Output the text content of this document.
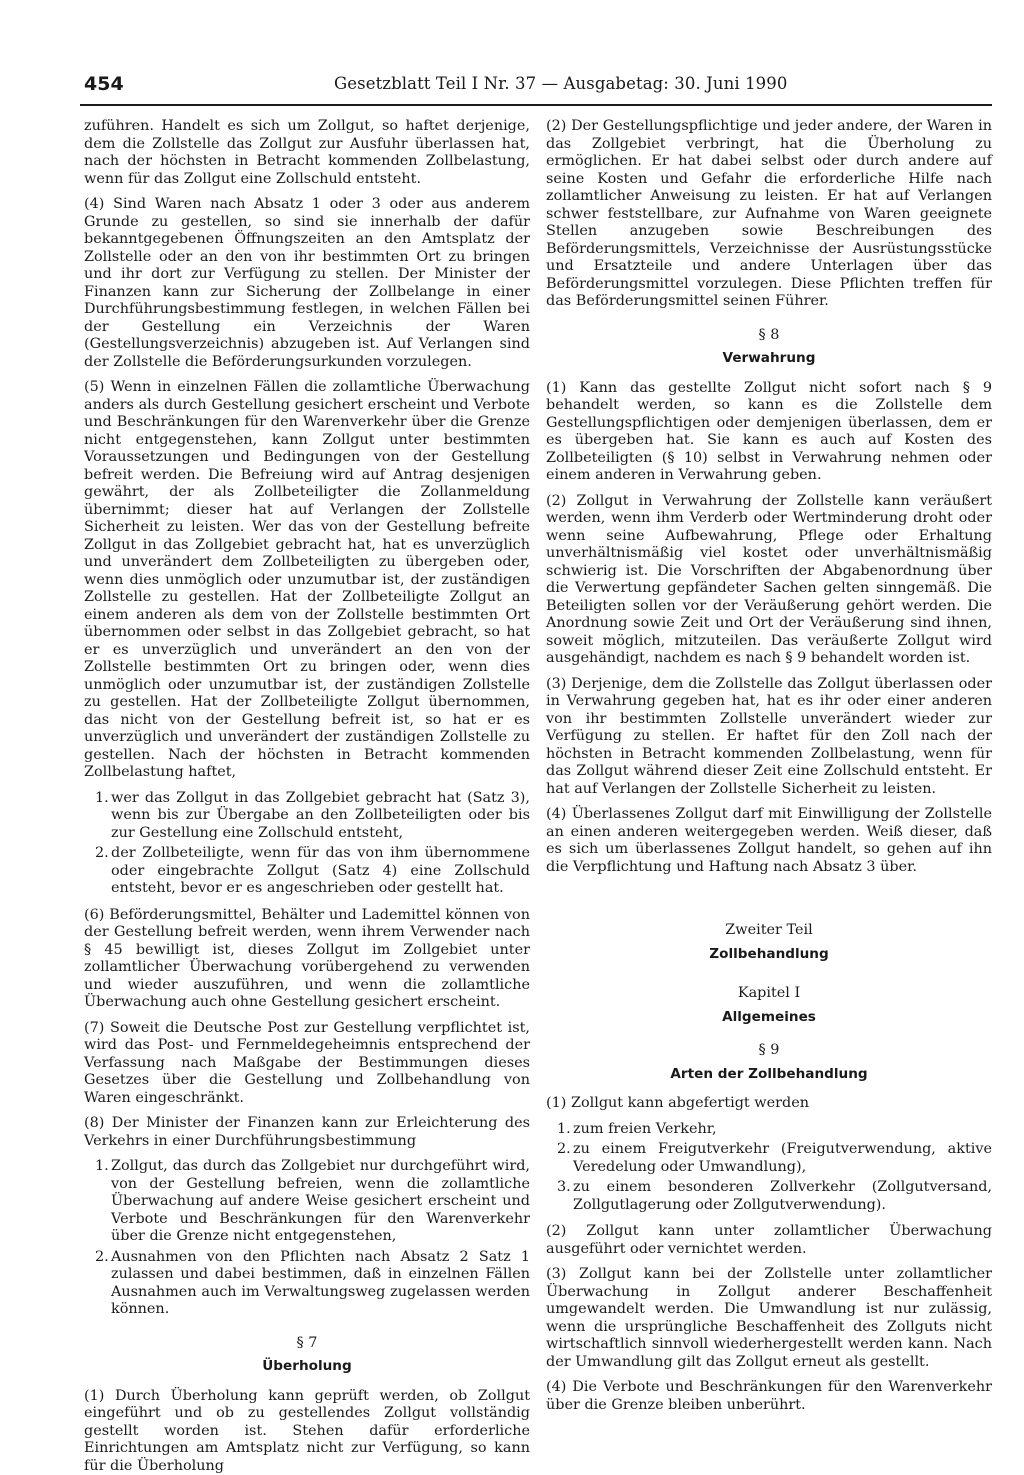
454	Gesetzblatt Teil I Nr. 37 — Ausgabetag: 30. Juni 1990

zuführen. Handelt es sich um Zollgut, so haftet derjenige, dem die Zollstelle das Zollgut zur Ausfuhr überlassen hat, nach der höchsten in Betracht kommenden Zollbelastung, wenn für das Zollgut eine Zollschuld entsteht.

(4) Sind Waren nach Absatz 1 oder 3 oder aus anderem Grunde zu gestellen, so sind sie innerhalb der dafür bekanntgegebenen Öffnungszeiten an den Amtsplatz der Zollstelle oder an den von ihr bestimmten Ort zu bringen und ihr dort zur Verfügung zu stellen. Der Minister der Finanzen kann zur Sicherung der Zollbelange in einer Durchführungsbestimmung festlegen, in welchen Fällen bei der Gestellung ein Verzeichnis der Waren (Gestellungsverzeichnis) abzugeben ist. Auf Verlangen sind der Zollstelle die Beförderungsurkunden vorzulegen.

(5) Wenn in einzelnen Fällen die zollamtliche Überwachung anders als durch Gestellung gesichert erscheint und Verbote und Beschränkungen für den Warenverkehr über die Grenze nicht entgegenstehen, kann Zollgut unter bestimmten Voraussetzungen und Bedingungen von der Gestellung befreit werden. Die Befreiung wird auf Antrag desjenigen gewährt, der als Zollbeteiligter die Zollanmeldung übernimmt; dieser hat auf Verlangen der Zollstelle Sicherheit zu leisten. Wer das von der Gestellung befreite Zollgut in das Zollgebiet gebracht hat, hat es unverzüglich und unverändert dem Zollbeteiligten zu übergeben oder, wenn dies unmöglich oder unzumutbar ist, der zuständigen Zollstelle zu gestellen. Hat der Zollbeteiligte Zollgut an einem anderen als dem von der Zollstelle bestimmten Ort übernommen oder selbst in das Zollgebiet gebracht, so hat er es unverzüglich und unverändert an den von der Zollstelle bestimmten Ort zu bringen oder, wenn dies unmöglich oder unzumutbar ist, der zuständigen Zollstelle zu gestellen. Hat der Zollbeteiligte Zollgut übernommen, das nicht von der Gestellung befreit ist, so hat er es unverzüglich und unverändert der zuständigen Zollstelle zu gestellen. Nach der höchsten in Betracht kommenden Zollbelastung haftet,

1. wer das Zollgut in das Zollgebiet gebracht hat (Satz 3), wenn bis zur Übergabe an den Zollbeteiligten oder bis zur Gestellung eine Zollschuld entsteht,
2. der Zollbeteiligte, wenn für das von ihm übernommene oder eingebrachte Zollgut (Satz 4) eine Zollschuld entsteht, bevor er es angeschrieben oder gestellt hat.

(6) Beförderungsmittel, Behälter und Lademittel können von der Gestellung befreit werden, wenn ihrem Verwender nach § 45 bewilligt ist, dieses Zollgut im Zollgebiet unter zollamtlicher Überwachung vorübergehend zu verwenden und wieder auszuführen, und wenn die zollamtliche Überwachung auch ohne Gestellung gesichert erscheint.

(7) Soweit die Deutsche Post zur Gestellung verpflichtet ist, wird das Post- und Fernmeldegeheimnis entsprechend der Verfassung nach Maßgabe der Bestimmungen dieses Gesetzes über die Gestellung und Zollbehandlung von Waren eingeschränkt.

(8) Der Minister der Finanzen kann zur Erleichterung des Verkehrs in einer Durchführungsbestimmung

1. Zollgut, das durch das Zollgebiet nur durchgeführt wird, von der Gestellung befreien, wenn die zollamtliche Überwachung auf andere Weise gesichert erscheint und Verbote und Beschränkungen für den Warenverkehr über die Grenze nicht entgegenstehen,
2. Ausnahmen von den Pflichten nach Absatz 2 Satz 1 zulassen und dabei bestimmen, daß in einzelnen Fällen Ausnahmen auch im Verwaltungsweg zugelassen werden können.
§ 7
Überholung

(1) Durch Überholung kann geprüft werden, ob Zollgut eingeführt und ob zu gestellendes Zollgut vollständig gestellt worden ist. Stehen dafür erforderliche Einrichtungen am Amtsplatz nicht zur Verfügung, so kann für die Überholung

(2) Der Gestellungspflichtige und jeder andere, der Waren in das Zollgebiet verbringt, hat die Überholung zu ermöglichen. Er hat dabei selbst oder durch andere auf seine Kosten und Gefahr die erforderliche Hilfe nach zollamtlicher Anweisung zu leisten. Er hat auf Verlangen schwer feststellbare, zur Aufnahme von Waren geeignete Stellen anzugeben sowie Beschreibungen des Beförderungsmittels, Verzeichnisse der Ausrüstungsstücke und Ersatzteile und andere Unterlagen über das Beförderungsmittel vorzulegen. Diese Pflichten treffen für das Beförderungsmittel seinen Führer.

§ 8
Verwahrung

(1) Kann das gestellte Zollgut nicht sofort nach § 9 behandelt werden, so kann es die Zollstelle dem Gestellungspflichtigen oder demjenigen überlassen, dem er es übergeben hat. Sie kann es auch auf Kosten des Zollbeteiligten (§ 10) selbst in Verwahrung nehmen oder einem anderen in Verwahrung geben.

(2) Zollgut in Verwahrung der Zollstelle kann veräußert werden, wenn ihm Verderb oder Wertminderung droht oder wenn seine Aufbewahrung, Pflege oder Erhaltung unverhältnismäßig viel kostet oder unverhältnismäßig schwierig ist. Die Vorschriften der Abgabenordnung über die Verwertung gepfändeter Sachen gelten sinngemäß. Die Beteiligten sollen vor der Veräußerung gehört werden. Die Anordnung sowie Zeit und Ort der Veräußerung sind ihnen, soweit möglich, mitzuteilen. Das veräußerte Zollgut wird ausgehändigt, nachdem es nach § 9 behandelt worden ist.

(3) Derjenige, dem die Zollstelle das Zollgut überlassen oder in Verwahrung gegeben hat, hat es ihr oder einer anderen von ihr bestimmten Zollstelle unverändert wieder zur Verfügung zu stellen. Er haftet für den Zoll nach der höchsten in Betracht kommenden Zollbelastung, wenn für das Zollgut während dieser Zeit eine Zollschuld entsteht. Er hat auf Verlangen der Zollstelle Sicherheit zu leisten.

(4) Überlassenes Zollgut darf mit Einwilligung der Zollstelle an einen anderen weitergegeben werden. Weiß dieser, daß es sich um überlassenes Zollgut handelt, so gehen auf ihn die Verpflichtung und Haftung nach Absatz 3 über.

Zweiter Teil
Zollbehandlung
Kapitel I
Allgemeines
§ 9
Arten der Zollbehandlung

(1) Zollgut kann abgefertigt werden

1. zum freien Verkehr,
2. zu einem Freigutverkehr (Freigutverwendung, aktive Veredelung oder Umwandlung),
3. zu einem besonderen Zollverkehr (Zollgutversand, Zollgutlagerung oder Zollgutverwendung).

(2) Zollgut kann unter zollamtlicher Überwachung ausgeführt oder vernichtet werden.

(3) Zollgut kann bei der Zollstelle unter zollamtlicher Überwachung in Zollgut anderer Beschaffenheit umgewandelt werden. Die Umwandlung ist nur zulässig, wenn die ursprüngliche Beschaffenheit des Zollguts nicht wirtschaftlich sinnvoll wiederhergestellt werden kann. Nach der Umwandlung gilt das Zollgut erneut als gestellt.

(4) Die Verbote und Beschränkungen für den Warenverkehr über die Grenze bleiben unberührt.
